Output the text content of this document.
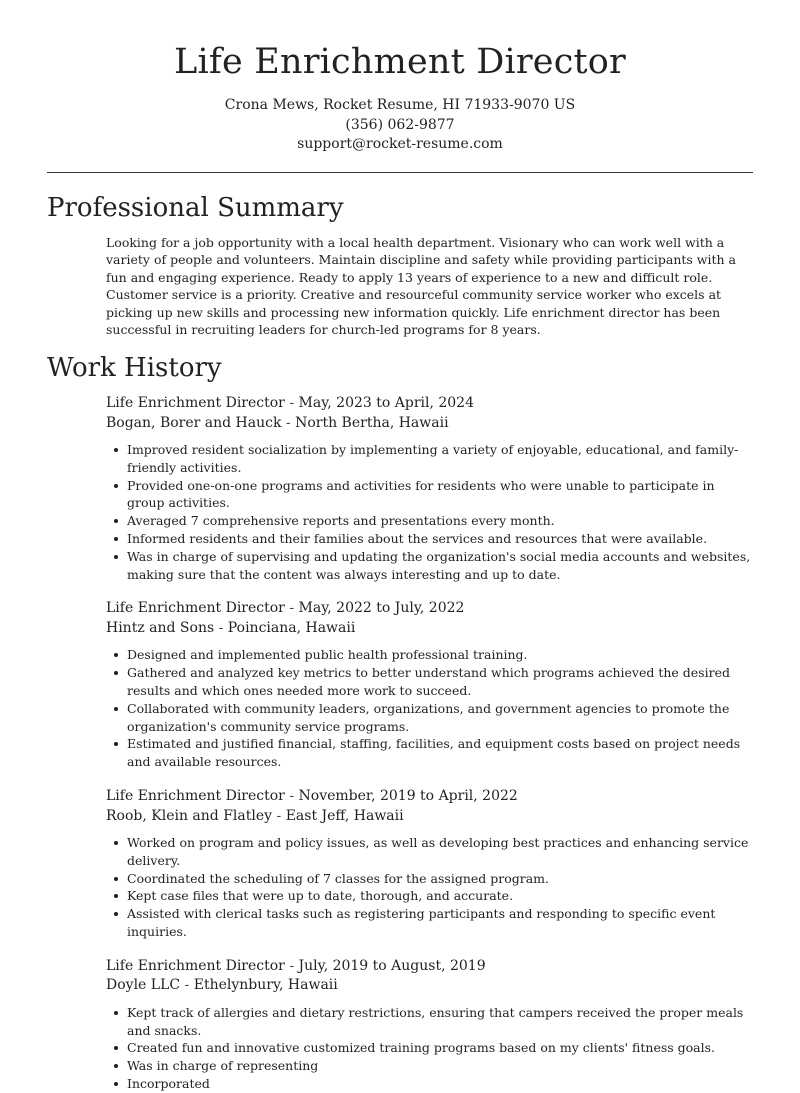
Life Enrichment Director
Crona Mews, Rocket Resume, HI 71933-9070 US
(356) 062-9877
support@rocket-resume.com
Professional Summary

Looking for a job opportunity with a local health department. Visionary who can work well with a variety of people and volunteers. Maintain discipline and safety while providing participants with a fun and engaging experience. Ready to apply 13 years of experience to a new and difficult role. Customer service is a priority. Creative and resourceful community service worker who excels at picking up new skills and processing new information quickly. Life enrichment director has been successful in recruiting leaders for church-led programs for 8 years.

Work History
Life Enrichment Director - May, 2023 to April, 2024
Bogan, Borer and Hauck - North Bertha, Hawaii
Improved resident socialization by implementing a variety of enjoyable, educational, and family-friendly activities.
Provided one-on-one programs and activities for residents who were unable to participate in group activities.
Averaged 7 comprehensive reports and presentations every month.
Informed residents and their families about the services and resources that were available.
Was in charge of supervising and updating the organization's social media accounts and websites, making sure that the content was always interesting and up to date.
Life Enrichment Director - May, 2022 to July, 2022
Hintz and Sons - Poinciana, Hawaii
Designed and implemented public health professional training.
Gathered and analyzed key metrics to better understand which programs achieved the desired results and which ones needed more work to succeed.
Collaborated with community leaders, organizations, and government agencies to promote the organization's community service programs.
Estimated and justified financial, staffing, facilities, and equipment costs based on project needs and available resources.
Life Enrichment Director - November, 2019 to April, 2022
Roob, Klein and Flatley - East Jeff, Hawaii
Worked on program and policy issues, as well as developing best practices and enhancing service delivery.
Coordinated the scheduling of 7 classes for the assigned program.
Kept case files that were up to date, thorough, and accurate.
Assisted with clerical tasks such as registering participants and responding to specific event inquiries.
Life Enrichment Director - July, 2019 to August, 2019
Doyle LLC - Ethelynbury, Hawaii
Kept track of allergies and dietary restrictions, ensuring that campers received the proper meals and snacks.
Created fun and innovative customized training programs based on my clients' fitness goals.
Was in charge of representing
Incorporated
